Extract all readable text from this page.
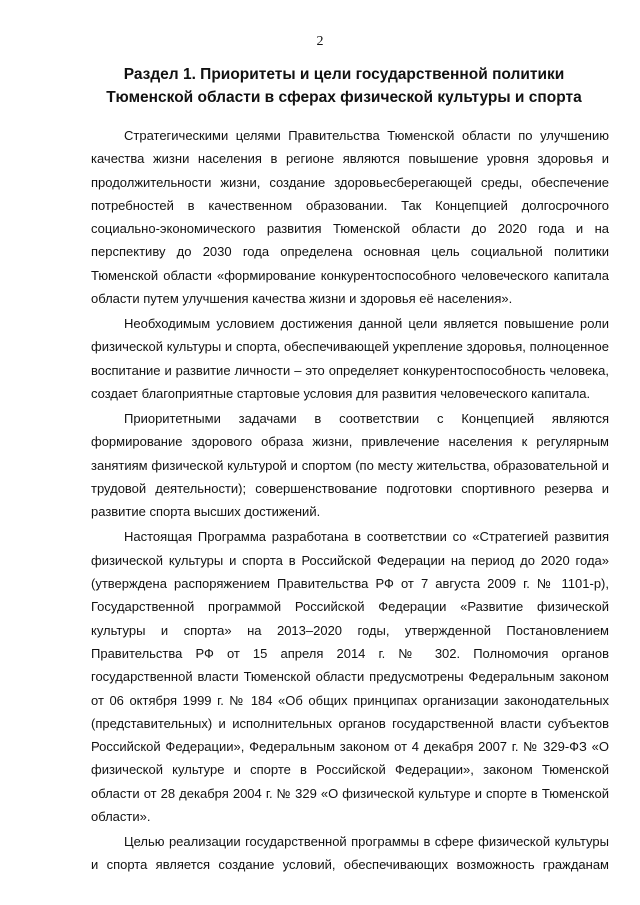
2
Раздел 1. Приоритеты и цели государственной политики
Тюменской области в сферах физической культуры и спорта
Стратегическими целями Правительства Тюменской области по улучшению
качества жизни населения в регионе являются повышение уровня здоровья и
продолжительности жизни, создание здоровьесберегающей среды, обеспечение
потребностей в качественном образовании. Так Концепцией долгосрочного
социально-экономического развития Тюменской области до 2020 года и на
перспективу до 2030 года определена основная цель социальной политики
Тюменской области «формирование конкурентоспособного человеческого капитала
области путем улучшения качества жизни и здоровья её населения».
Необходимым условием достижения данной цели является повышение роли
физической культуры и спорта, обеспечивающей укрепление здоровья, полноценное
воспитание и развитие личности – это определяет конкурентоспособность человека,
создает благоприятные стартовые условия для развития человеческого капитала.
Приоритетными задачами в соответствии с Концепцией являются
формирование здорового образа жизни, привлечение населения к регулярным
занятиям физической культурой и спортом (по месту жительства, образовательной и
трудовой деятельности); совершенствование подготовки спортивного резерва и
развитие спорта высших достижений.
Настоящая Программа разработана в соответствии со «Стратегией развития
физической культуры и спорта в Российской Федерации на период до 2020 года»
(утверждена распоряжением Правительства РФ от 7 августа 2009 г. № 1101-р),
Государственной программой Российской Федерации «Развитие физической
культуры и спорта» на 2013–2020 годы, утвержденной Постановлением
Правительства РФ от 15 апреля 2014 г. № 302. Полномочия органов
государственной власти Тюменской области предусмотрены Федеральным законом
от 06 октября 1999 г. № 184 «Об общих принципах организации законодательных
(представительных) и исполнительных органов государственной власти субъектов
Российской Федерации», Федеральным законом от 4 декабря 2007 г. № 329-ФЗ «О
физической культуре и спорте в Российской Федерации», законом Тюменской
области от 28 декабря 2004 г. № 329 «О физической культуре и спорте в Тюменской
области».
Целью реализации государственной программы в сфере физической культуры
и спорта является создание условий, обеспечивающих возможность гражданам
